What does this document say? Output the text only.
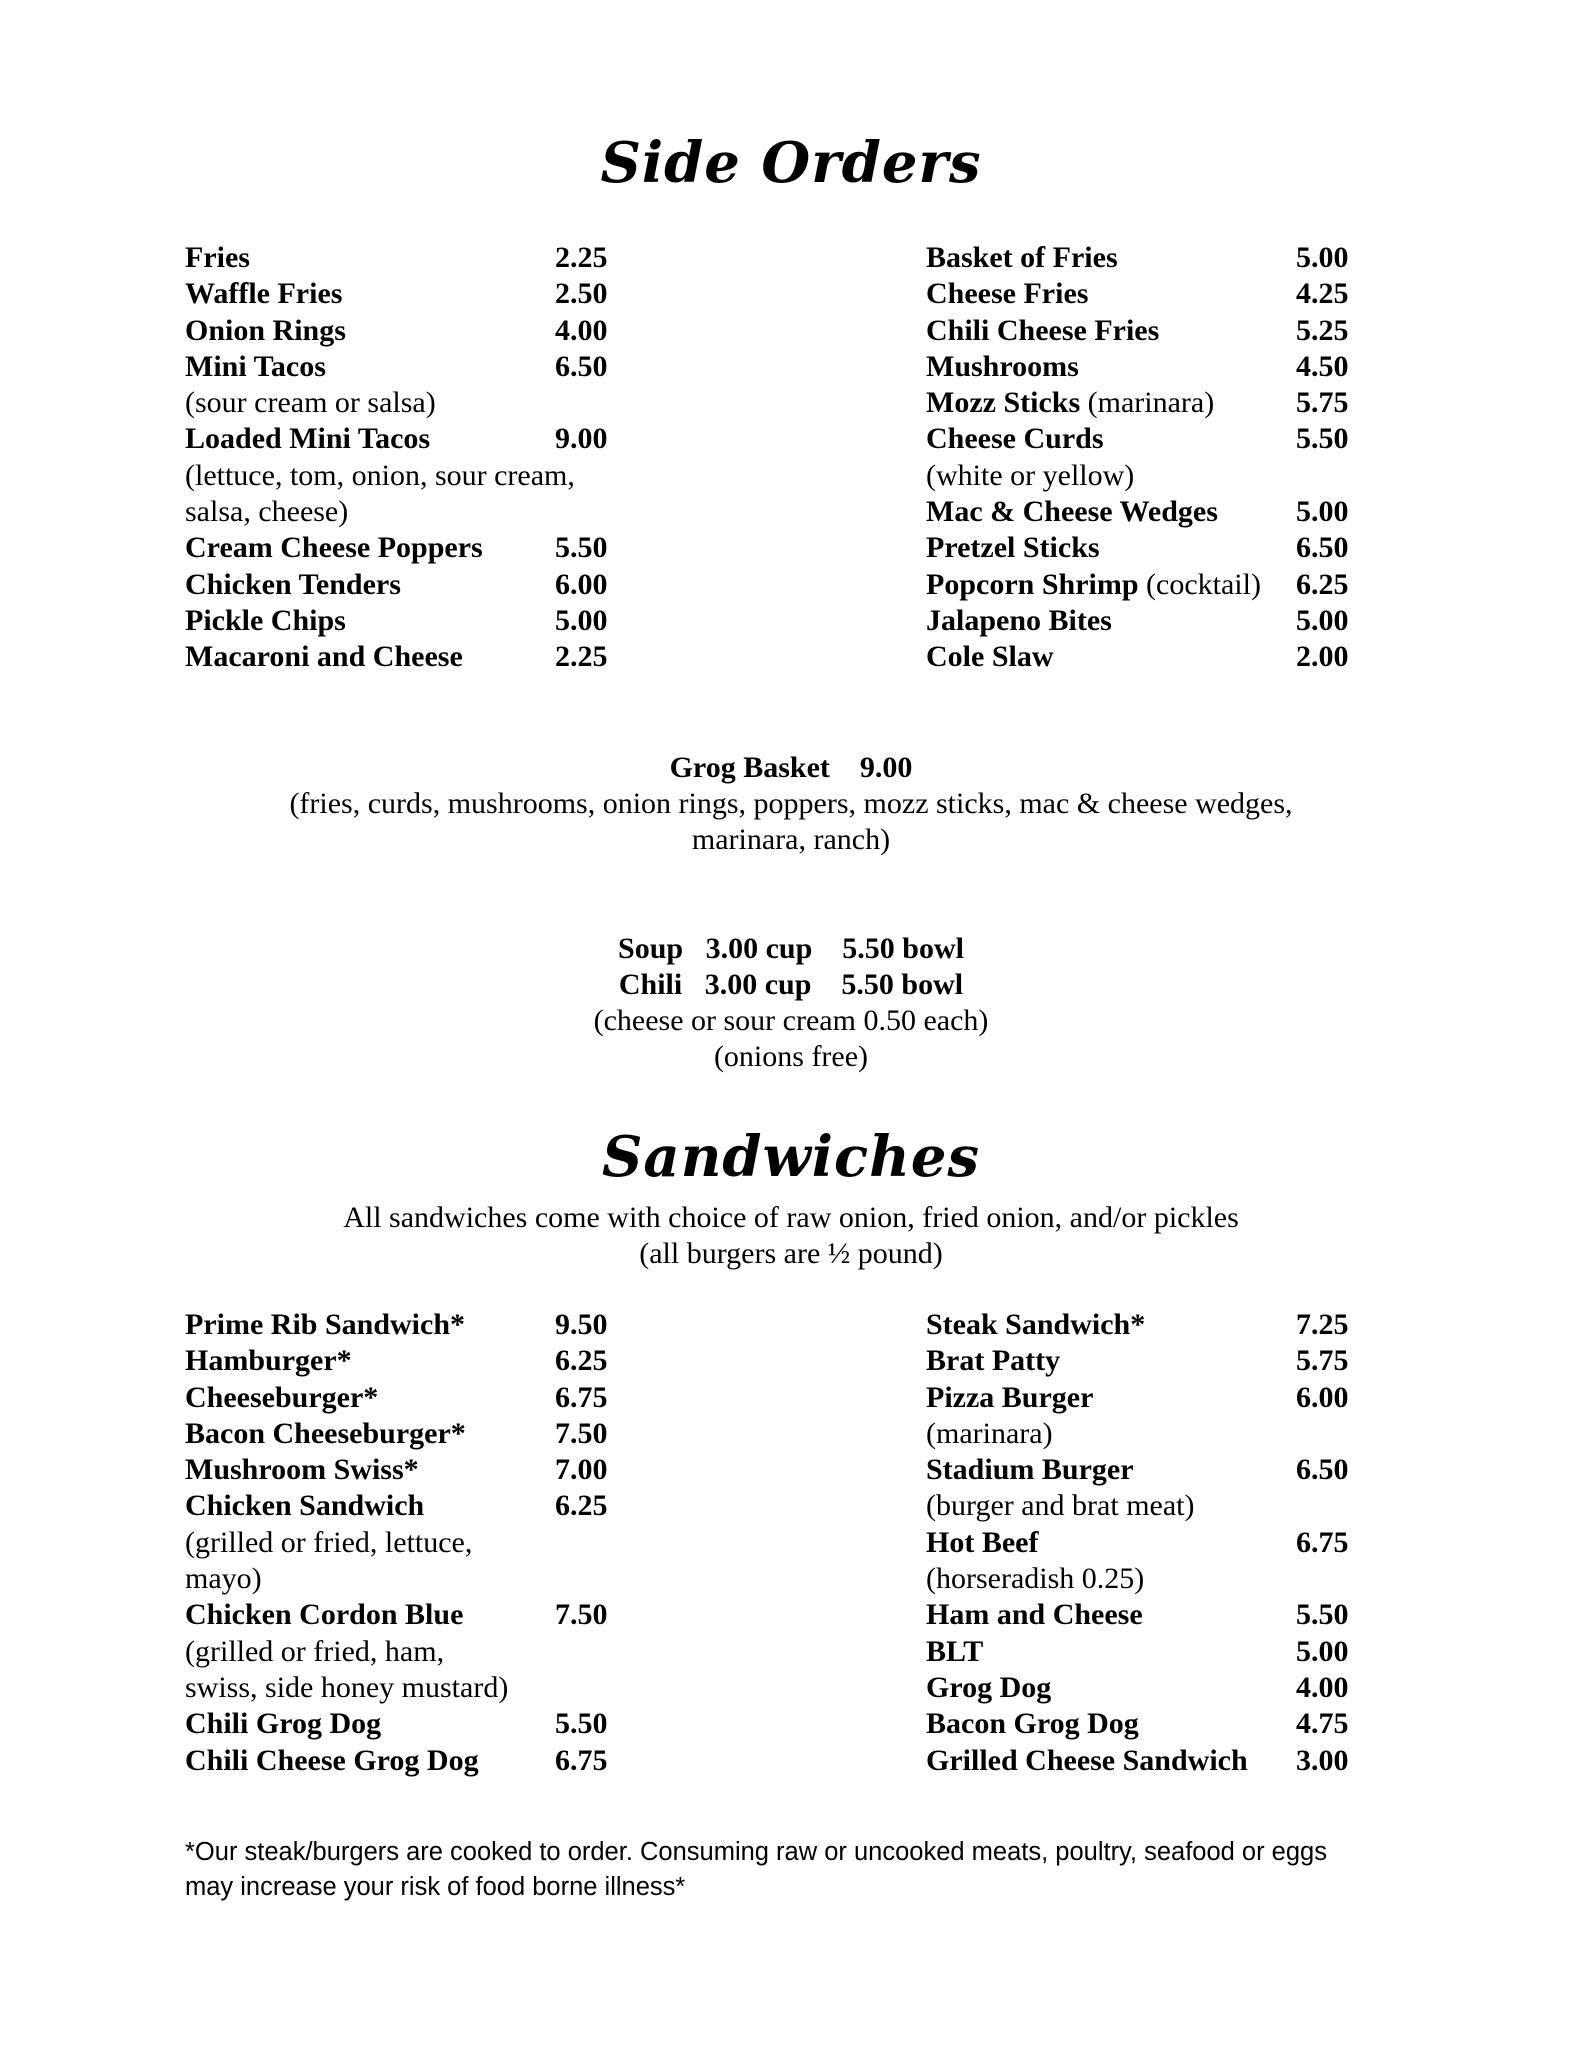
Side Orders
Fries	2.25
Waffle Fries	2.50
Onion Rings	4.00
Mini Tacos	6.50
(sour cream or salsa)
Loaded Mini Tacos	9.00
(lettuce, tom, onion, sour cream,
salsa, cheese)
Cream Cheese Poppers 5.50
Chicken Tenders	6.00
Pickle Chips	5.00
Macaroni and Cheese	2.25
Basket of Fries	5.00
Cheese Fries	4.25
Chili Cheese Fries	5.25
Mushrooms	4.50
Mozz Sticks (marinara)	5.75
Cheese Curds	5.50
(white or yellow)
Mac & Cheese Wedges	5.00
Pretzel Sticks	6.50
Popcorn Shrimp (cocktail) 6.25
Jalapeno Bites	5.00
Cole Slaw	2.00
Grog Basket 9.00
(fries, curds, mushrooms, onion rings, poppers, mozz sticks, mac & cheese wedges,
marinara, ranch)
Soup 3.00 cup 5.50 bowl
Chili 3.00 cup 5.50 bowl
(cheese or sour cream 0.50 each)
(onions free)
Sandwiches
All sandwiches come with choice of raw onion, fried onion, and/or pickles
(all burgers are ½ pound)
Prime Rib Sandwich*	9.50
Hamburger*	6.25
Cheeseburger*	6.75
Bacon Cheeseburger*	7.50
Mushroom Swiss*	7.00
Chicken Sandwich	6.25
(grilled or fried, lettuce,
mayo)
Chicken Cordon Blue	7.50
(grilled or fried, ham,
swiss, side honey mustard)
Chili Grog Dog	5.50
Chili Cheese Grog Dog	6.75
Steak Sandwich*	7.25
Brat Patty	5.75
Pizza Burger	6.00
(marinara)
Stadium Burger	6.50
(burger and brat meat)
Hot Beef	6.75
(horseradish 0.25)
Ham and Cheese	5.50
BLT	5.00
Grog Dog	4.00
Bacon Grog Dog	4.75
Grilled Cheese Sandwich 3.00
*Our steak/burgers are cooked to order. Consuming raw or uncooked meats, poultry, seafood or eggs
may increase your risk of food borne illness*
